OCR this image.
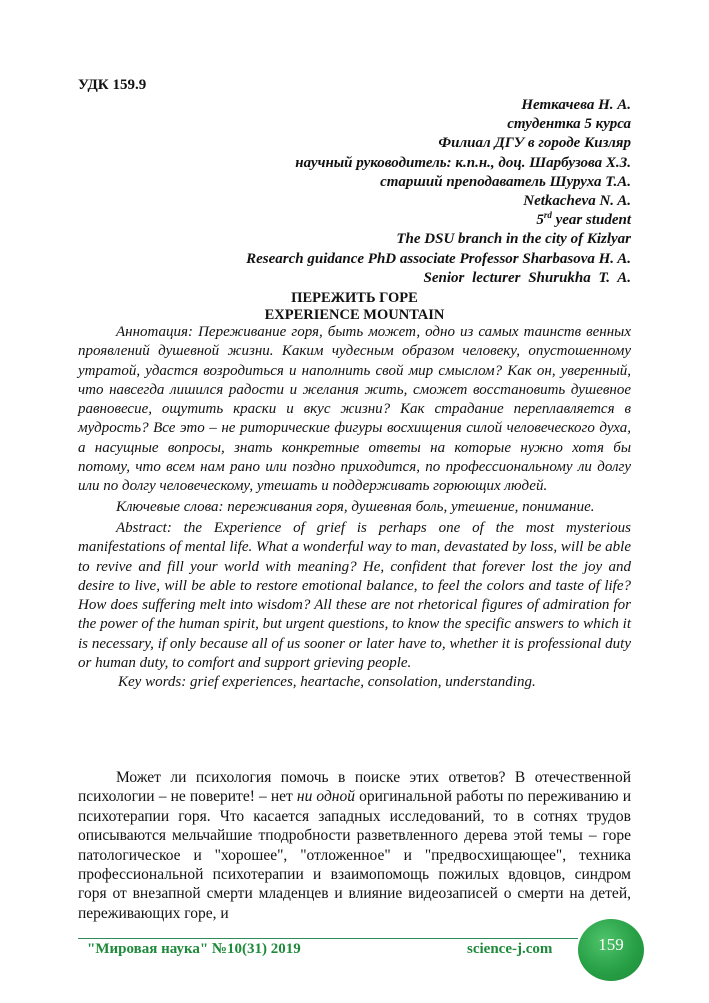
УДК 159.9
Неткачева Н. А.
студентка 5 курса
Филиал ДГУ в городе Кизляр
научный руководитель: к.п.н., доц. Шарбузова Х.З.
старший преподаватель Шуруха Т.А.
Netkacheva N. A.
5rd year student
The DSU branch in the city of Kizlyar
Research guidance PhD associate Professor Sharbasova H. A.
Senior lecturer Shurukha T. A.
ПЕРЕЖИТЬ ГОРЕ
EXPERIENCE MOUNTAIN

Аннотация: Переживание горя, быть может, одно из самых таинств венных проявлений душевной жизни. Каким чудесным образом человеку, опустошенному утратой, удастся возродиться и наполнить свой мир смыслом? Как он, уверенный, что навсегда лишился радости и желания жить, сможет восстановить душевное равновесие, ощутить краски и вкус жизни? Как страдание переплавляется в мудрость? Все это – не риторические фигуры восхищения силой человеческого духа, а насущные вопросы, знать конкретные ответы на которые нужно хотя бы потому, что всем нам рано или поздно приходится, по профессиональному ли долгу или по долгу человеческому, утешать и поддерживать горюющих людей.

Ключевые слова: переживания горя, душевная боль, утешение, понимание.

Abstract: the Experience of grief is perhaps one of the most mysterious manifestations of mental life. What a wonderful way to man, devastated by loss, will be able to revive and fill your world with meaning? He, confident that forever lost the joy and desire to live, will be able to restore emotional balance, to feel the colors and taste of life? How does suffering melt into wisdom? All these are not rhetorical figures of admiration for the power of the human spirit, but urgent questions, to know the specific answers to which it is necessary, if only because all of us sooner or later have to, whether it is professional duty or human duty, to comfort and support grieving people.

Key words: grief experiences, heartache, consolation, understanding.

Может ли психология помочь в поиске этих ответов? В отечественной психологии – не поверите! – нет ни одной оригинальной работы по переживанию и психотерапии горя. Что касается западных исследований, то в сотнях трудов описываются мельчайшие тподробности разветвленного дерева этой темы – горе патологическое и "хорошее", "отложенное" и "предвосхищающее", техника профессиональной психотерапии и взаимопомощь пожилых вдовцов, синдром горя от внезапной смерти младенцев и влияние видеозаписей о смерти на детей, переживающих горе, и

"Мировая наука" №10(31) 2019	science-j.com	159
